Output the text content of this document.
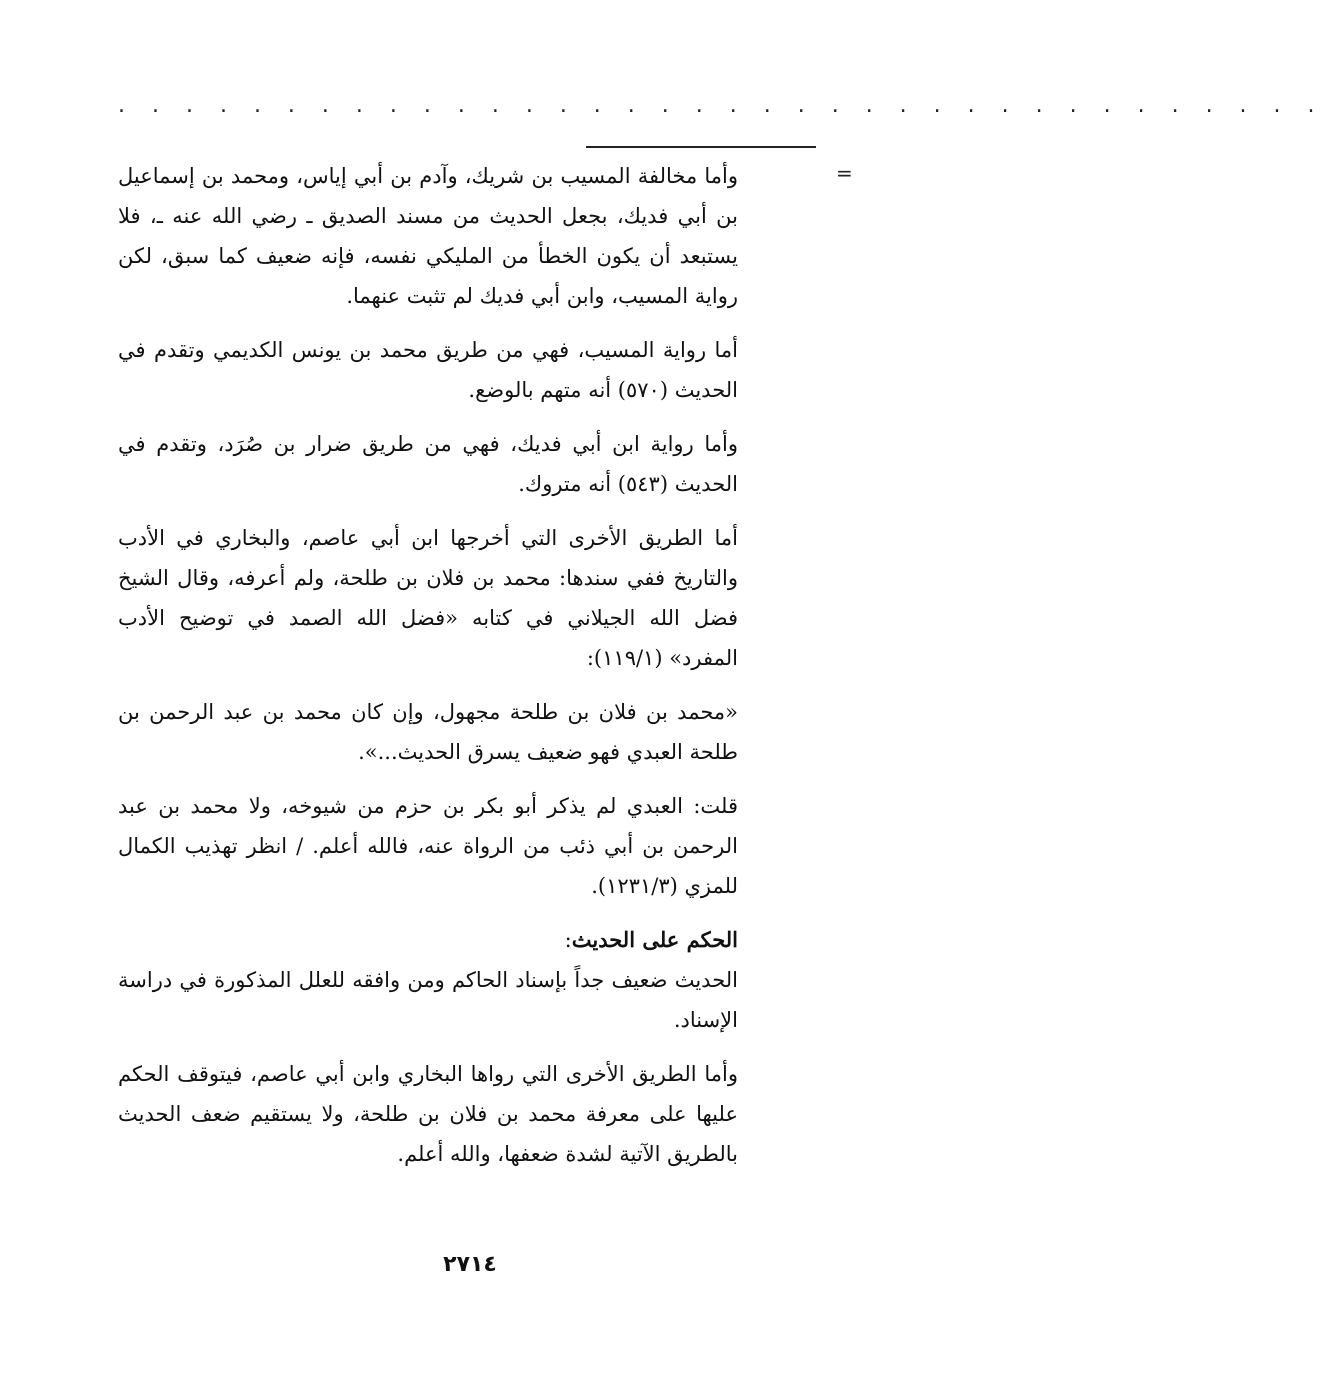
. . . . . . . . . . . . . . . . . . . . . . . . . . . . . . . . . . . .
=

وأما مخالفة المسيب بن شريك، وآدم بن أبي إياس، ومحمد بن إسماعيل بن أبي فديك، بجعل الحديث من مسند الصديق ـ رضي الله عنه ـ، فلا يستبعد أن يكون الخطأ من المليكي نفسه، فإنه ضعيف كما سبق، لكن رواية المسيب، وابن أبي فديك لم تثبت عنهما.

أما رواية المسيب، فهي من طريق محمد بن يونس الكديمي وتقدم في الحديث (٥٧٠) أنه متهم بالوضع.

وأما رواية ابن أبي فديك، فهي من طريق ضرار بن صُرَد، وتقدم في الحديث (٥٤٣) أنه متروك.

أما الطريق الأخرى التي أخرجها ابن أبي عاصم، والبخاري في الأدب والتاريخ ففي سندها: محمد بن فلان بن طلحة، ولم أعرفه، وقال الشيخ فضل الله الجيلاني في كتابه «فضل الله الصمد في توضيح الأدب المفرد» (١١٩/١):

«محمد بن فلان بن طلحة مجهول، وإن كان محمد بن عبد الرحمن بن طلحة العبدي فهو ضعيف يسرق الحديث...».

قلت: العبدي لم يذكر أبو بكر بن حزم من شيوخه، ولا محمد بن عبد الرحمن بن أبي ذئب من الرواة عنه، فالله أعلم. / انظر تهذيب الكمال للمزي (١٢٣١/٣).

الحكم على الحديث:

الحديث ضعيف جداً بإسناد الحاكم ومن وافقه للعلل المذكورة في دراسة الإسناد.

وأما الطريق الأخرى التي رواها البخاري وابن أبي عاصم، فيتوقف الحكم عليها على معرفة محمد بن فلان بن طلحة، ولا يستقيم ضعف الحديث بالطريق الآتية لشدة ضعفها، والله أعلم.

٢٧١٤
